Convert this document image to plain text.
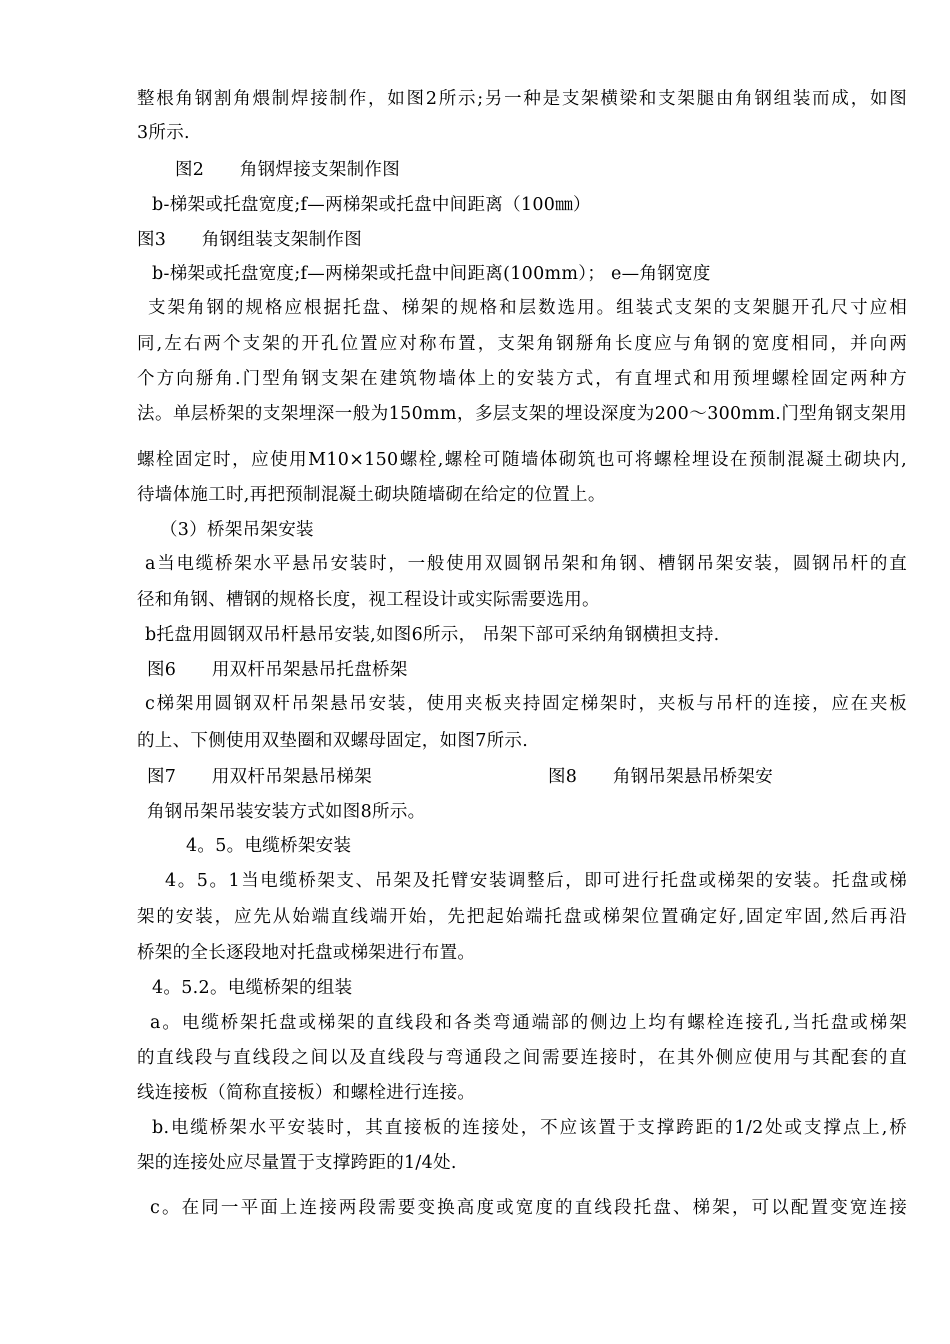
整根角钢割角煨制焊接制作，如图2所示;另一种是支架横梁和支架腿由角钢组装而成，如图
3所示.
图2　　角钢焊接支架制作图
b-梯架或托盘宽度;f—两梯架或托盘中间距离（100㎜）
图3　　角钢组装支架制作图
b-梯架或托盘宽度;f—两梯架或托盘中间距离(100mm）； e—角钢宽度
支架角钢的规格应根据托盘、梯架的规格和层数选用。组装式支架的支架腿开孔尺寸应相
同,左右两个支架的开孔位置应对称布置，支架角钢掰角长度应与角钢的宽度相同，并向两
个方向掰角.门型角钢支架在建筑物墙体上的安装方式，有直埋式和用预埋螺栓固定两种方
法。单层桥架的支架埋深一般为150mm，多层支架的埋设深度为200～300mm.门型角钢支架用
螺栓固定时，应使用M10×150螺栓,螺栓可随墙体砌筑也可将螺栓埋设在预制混凝土砌块内,
待墙体施工时,再把预制混凝土砌块随墙砌在给定的位置上。
（3）桥架吊架安装
a当电缆桥架水平悬吊安装时，一般使用双圆钢吊架和角钢、槽钢吊架安装，圆钢吊杆的直
径和角钢、槽钢的规格长度，视工程设计或实际需要选用。
b托盘用圆钢双吊杆悬吊安装,如图6所示， 吊架下部可采纳角钢横担支持.
图6　　用双杆吊架悬吊托盘桥架
c梯架用圆钢双杆吊架悬吊安装，使用夹板夹持固定梯架时，夹板与吊杆的连接，应在夹板
的上、下侧使用双垫圈和双螺母固定，如图7所示.
图7　　用双杆吊架悬吊梯架	图8　　角钢吊架悬吊桥架安
角钢吊架吊装安装方式如图8所示。
4。5。电缆桥架安装
4。5。1当电缆桥架支、吊架及托臂安装调整后，即可进行托盘或梯架的安装。托盘或梯
架的安装，应先从始端直线端开始，先把起始端托盘或梯架位置确定好,固定牢固,然后再沿
桥架的全长逐段地对托盘或梯架进行布置。
4。5.2。电缆桥架的组装
a。电缆桥架托盘或梯架的直线段和各类弯通端部的侧边上均有螺栓连接孔,当托盘或梯架
的直线段与直线段之间以及直线段与弯通段之间需要连接时，在其外侧应使用与其配套的直
线连接板（简称直接板）和螺栓进行连接。
b.电缆桥架水平安装时，其直接板的连接处，不应该置于支撑跨距的1/2处或支撑点上,桥
架的连接处应尽量置于支撑跨距的1/4处.
c。在同一平面上连接两段需要变换高度或宽度的直线段托盘、梯架，可以配置变宽连接
